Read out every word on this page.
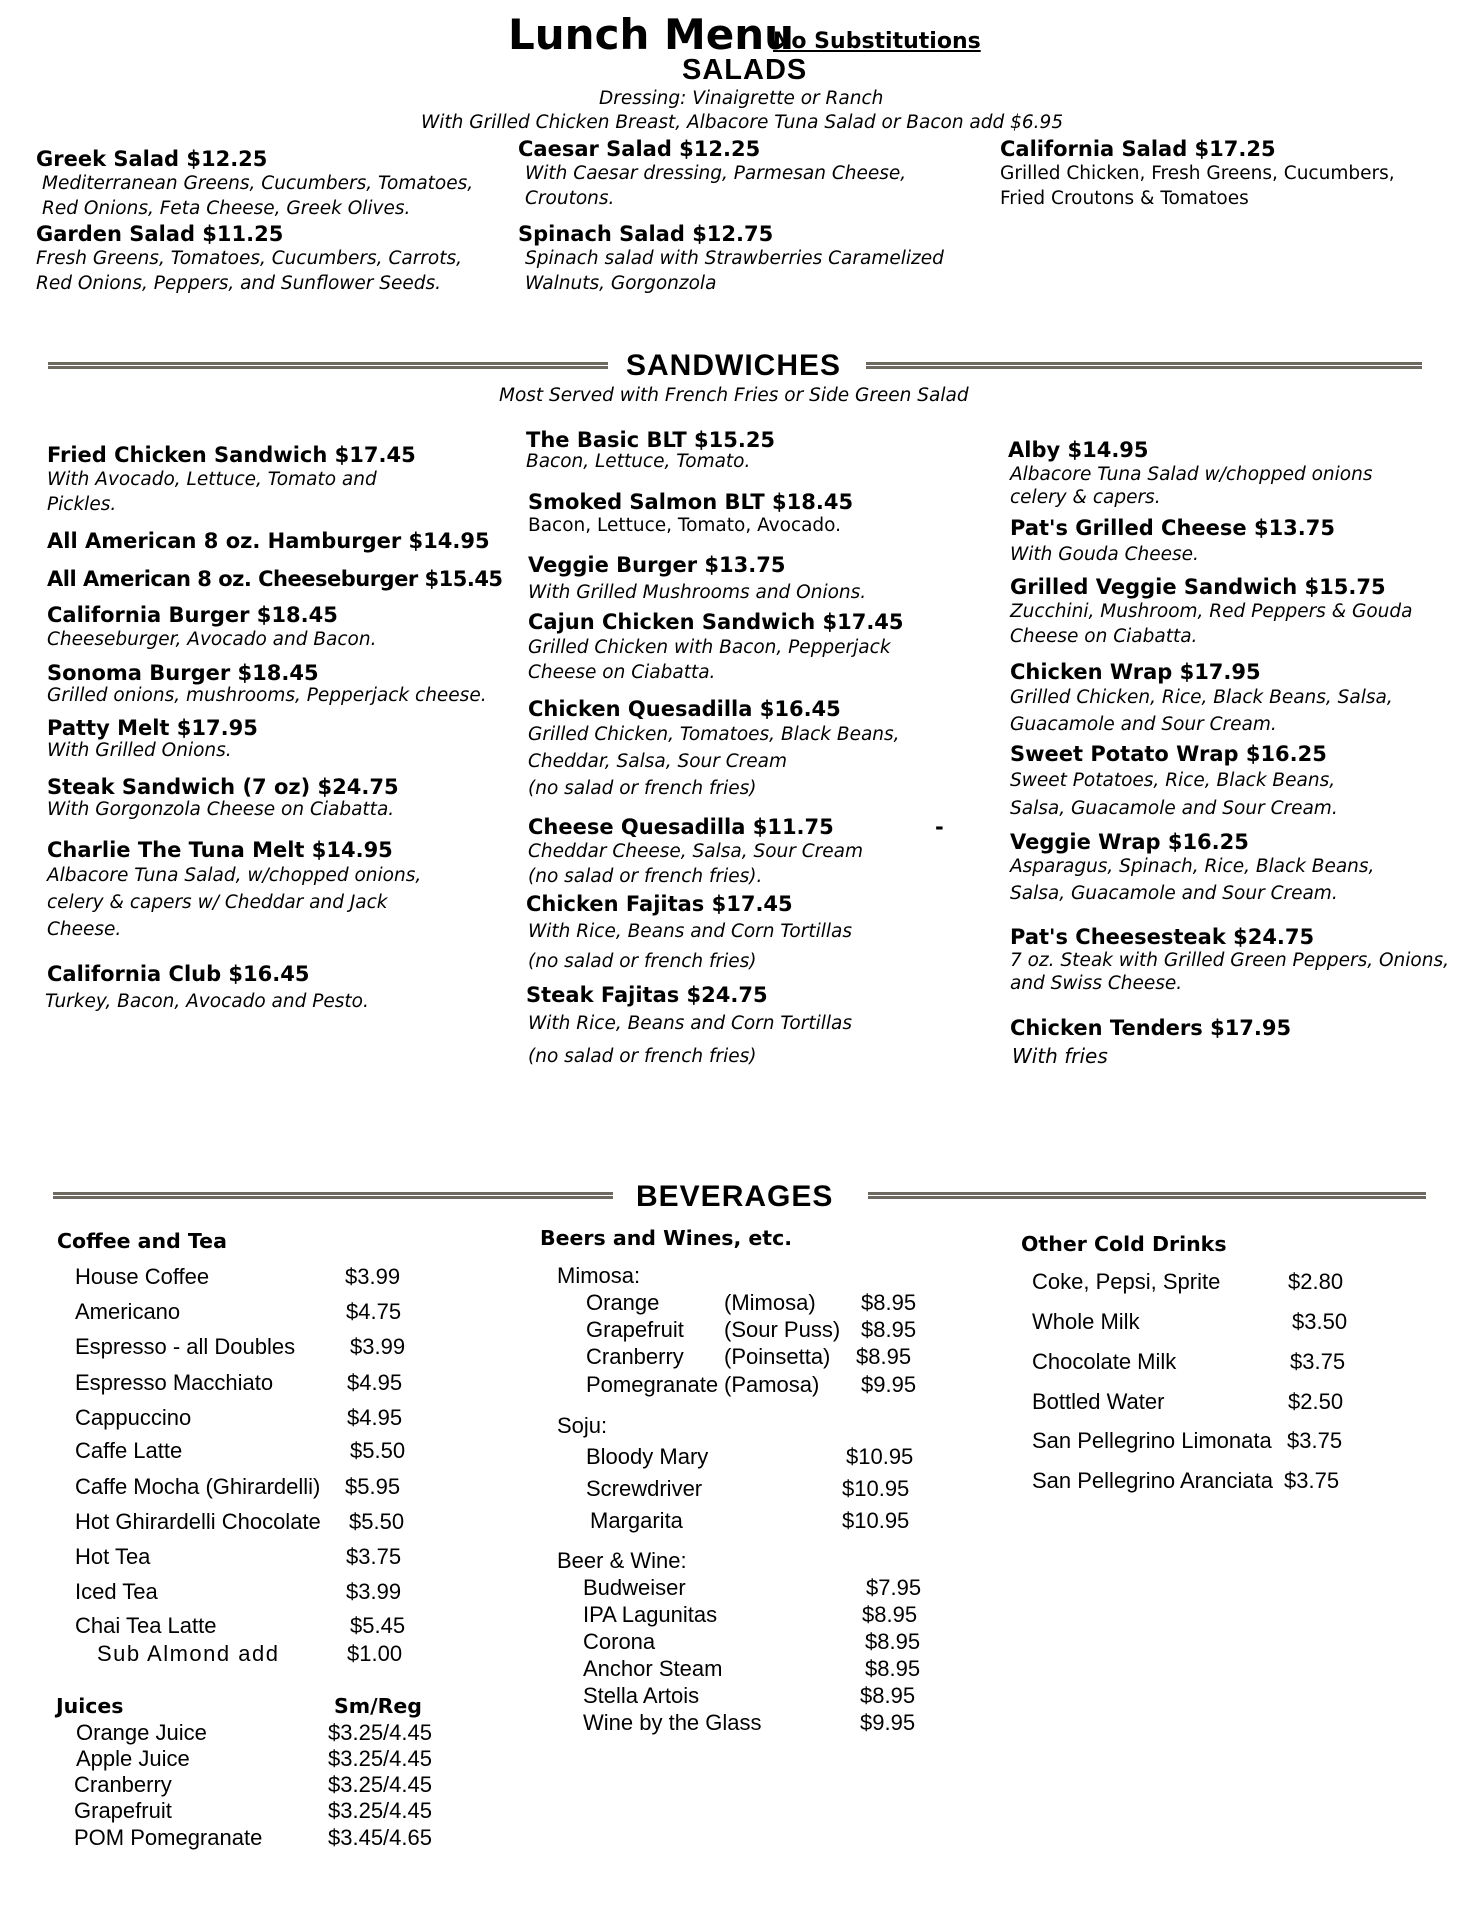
Lunch Menu
No Substitutions
SALADS
Dressing: Vinaigrette or Ranch
With Grilled Chicken Breast, Albacore Tuna Salad or Bacon add $6.95
Greek Salad $12.25
Mediterranean Greens, Cucumbers, Tomatoes,
Red Onions, Feta Cheese, Greek Olives.
Garden Salad $11.25
Fresh Greens, Tomatoes, Cucumbers, Carrots,
Red Onions, Peppers, and Sunflower Seeds.
Caesar Salad $12.25
With Caesar dressing, Parmesan Cheese,
Croutons.
Spinach Salad $12.75
Spinach salad with Strawberries Caramelized
Walnuts, Gorgonzola
California Salad $17.25
Grilled Chicken, Fresh Greens, Cucumbers,
Fried Croutons & Tomatoes
SANDWICHES
Most Served with French Fries or Side Green Salad
Fried Chicken Sandwich $17.45
With Avocado, Lettuce, Tomato and
Pickles.
All American 8 oz. Hamburger $14.95
All American 8 oz. Cheeseburger $15.45
California Burger $18.45
Cheeseburger, Avocado and Bacon.
Sonoma Burger $18.45
Grilled onions, mushrooms, Pepperjack cheese.
Patty Melt $17.95
With Grilled Onions.
Steak Sandwich (7 oz) $24.75
With Gorgonzola Cheese on Ciabatta.
Charlie The Tuna Melt $14.95
Albacore Tuna Salad, w/chopped onions,
celery & capers w/ Cheddar and Jack
Cheese.
California Club $16.45
Turkey, Bacon, Avocado and Pesto.
The Basic BLT $15.25
Bacon, Lettuce, Tomato.
Smoked Salmon BLT $18.45
Bacon, Lettuce, Tomato, Avocado.
Veggie Burger $13.75
With Grilled Mushrooms and Onions.
Cajun Chicken Sandwich $17.45
Grilled Chicken with Bacon, Pepperjack
Cheese on Ciabatta.
Chicken Quesadilla $16.45
Grilled Chicken, Tomatoes, Black Beans,
Cheddar, Salsa, Sour Cream
(no salad or french fries)
Cheese Quesadilla $11.75
Cheddar Cheese, Salsa, Sour Cream
(no salad or french fries).
-
Chicken Fajitas $17.45
With Rice, Beans and Corn Tortillas
(no salad or french fries)
Steak Fajitas $24.75
With Rice, Beans and Corn Tortillas
(no salad or french fries)
Alby $14.95
Albacore Tuna Salad w/chopped onions
celery & capers.
Pat's Grilled Cheese $13.75
With Gouda Cheese.
Grilled Veggie Sandwich $15.75
Zucchini, Mushroom, Red Peppers & Gouda
Cheese on Ciabatta.
Chicken Wrap $17.95
Grilled Chicken, Rice, Black Beans, Salsa,
Guacamole and Sour Cream.
Sweet Potato Wrap $16.25
Sweet Potatoes, Rice, Black Beans,
Salsa, Guacamole and Sour Cream.
Veggie Wrap $16.25
Asparagus, Spinach, Rice, Black Beans,
Salsa, Guacamole and Sour Cream.
Pat's Cheesesteak $24.75
7 oz. Steak with Grilled Green Peppers, Onions,
and Swiss Cheese.
Chicken Tenders $17.95
With fries
BEVERAGES
Coffee and Tea
House Coffee	$3.99
Americano	$4.75
Espresso - all Doubles $3.99
Espresso Macchiato	$4.95
Cappuccino	$4.95
Caffe Latte	$5.50
Caffe Mocha (Ghirardelli) $5.95
Hot Ghirardelli Chocolate $5.50
Hot Tea	$3.75
Iced Tea	$3.99
Chai Tea Latte	$5.45
Sub Almond add	$1.00
Juices	Sm/Reg
Orange Juice	$3.25/4.45
Apple Juice	$3.25/4.45
Cranberry	$3.25/4.45
Grapefruit	$3.25/4.45
POM Pomegranate	$3.45/4.65
Beers and Wines, etc.
Mimosa:
Orange	(Mimosa) $8.95
Grapefruit (Sour Puss) $8.95
Cranberry (Poinsetta) $8.95
Pomegranate (Pamosa) $9.95
Soju:
Bloody Mary	$10.95
Screwdriver	$10.95
Margarita	$10.95
Beer & Wine:
Budweiser	$7.95
IPA Lagunitas	$8.95
Corona	$8.95
Anchor Steam	$8.95
Stella Artois	$8.95
Wine by the Glass	$9.95
Other Cold Drinks
Coke, Pepsi, Sprite	$2.80
Whole Milk	$3.50
Chocolate Milk	$3.75
Bottled Water	$2.50
San Pellegrino Limonata $3.75
San Pellegrino Aranciata $3.75
